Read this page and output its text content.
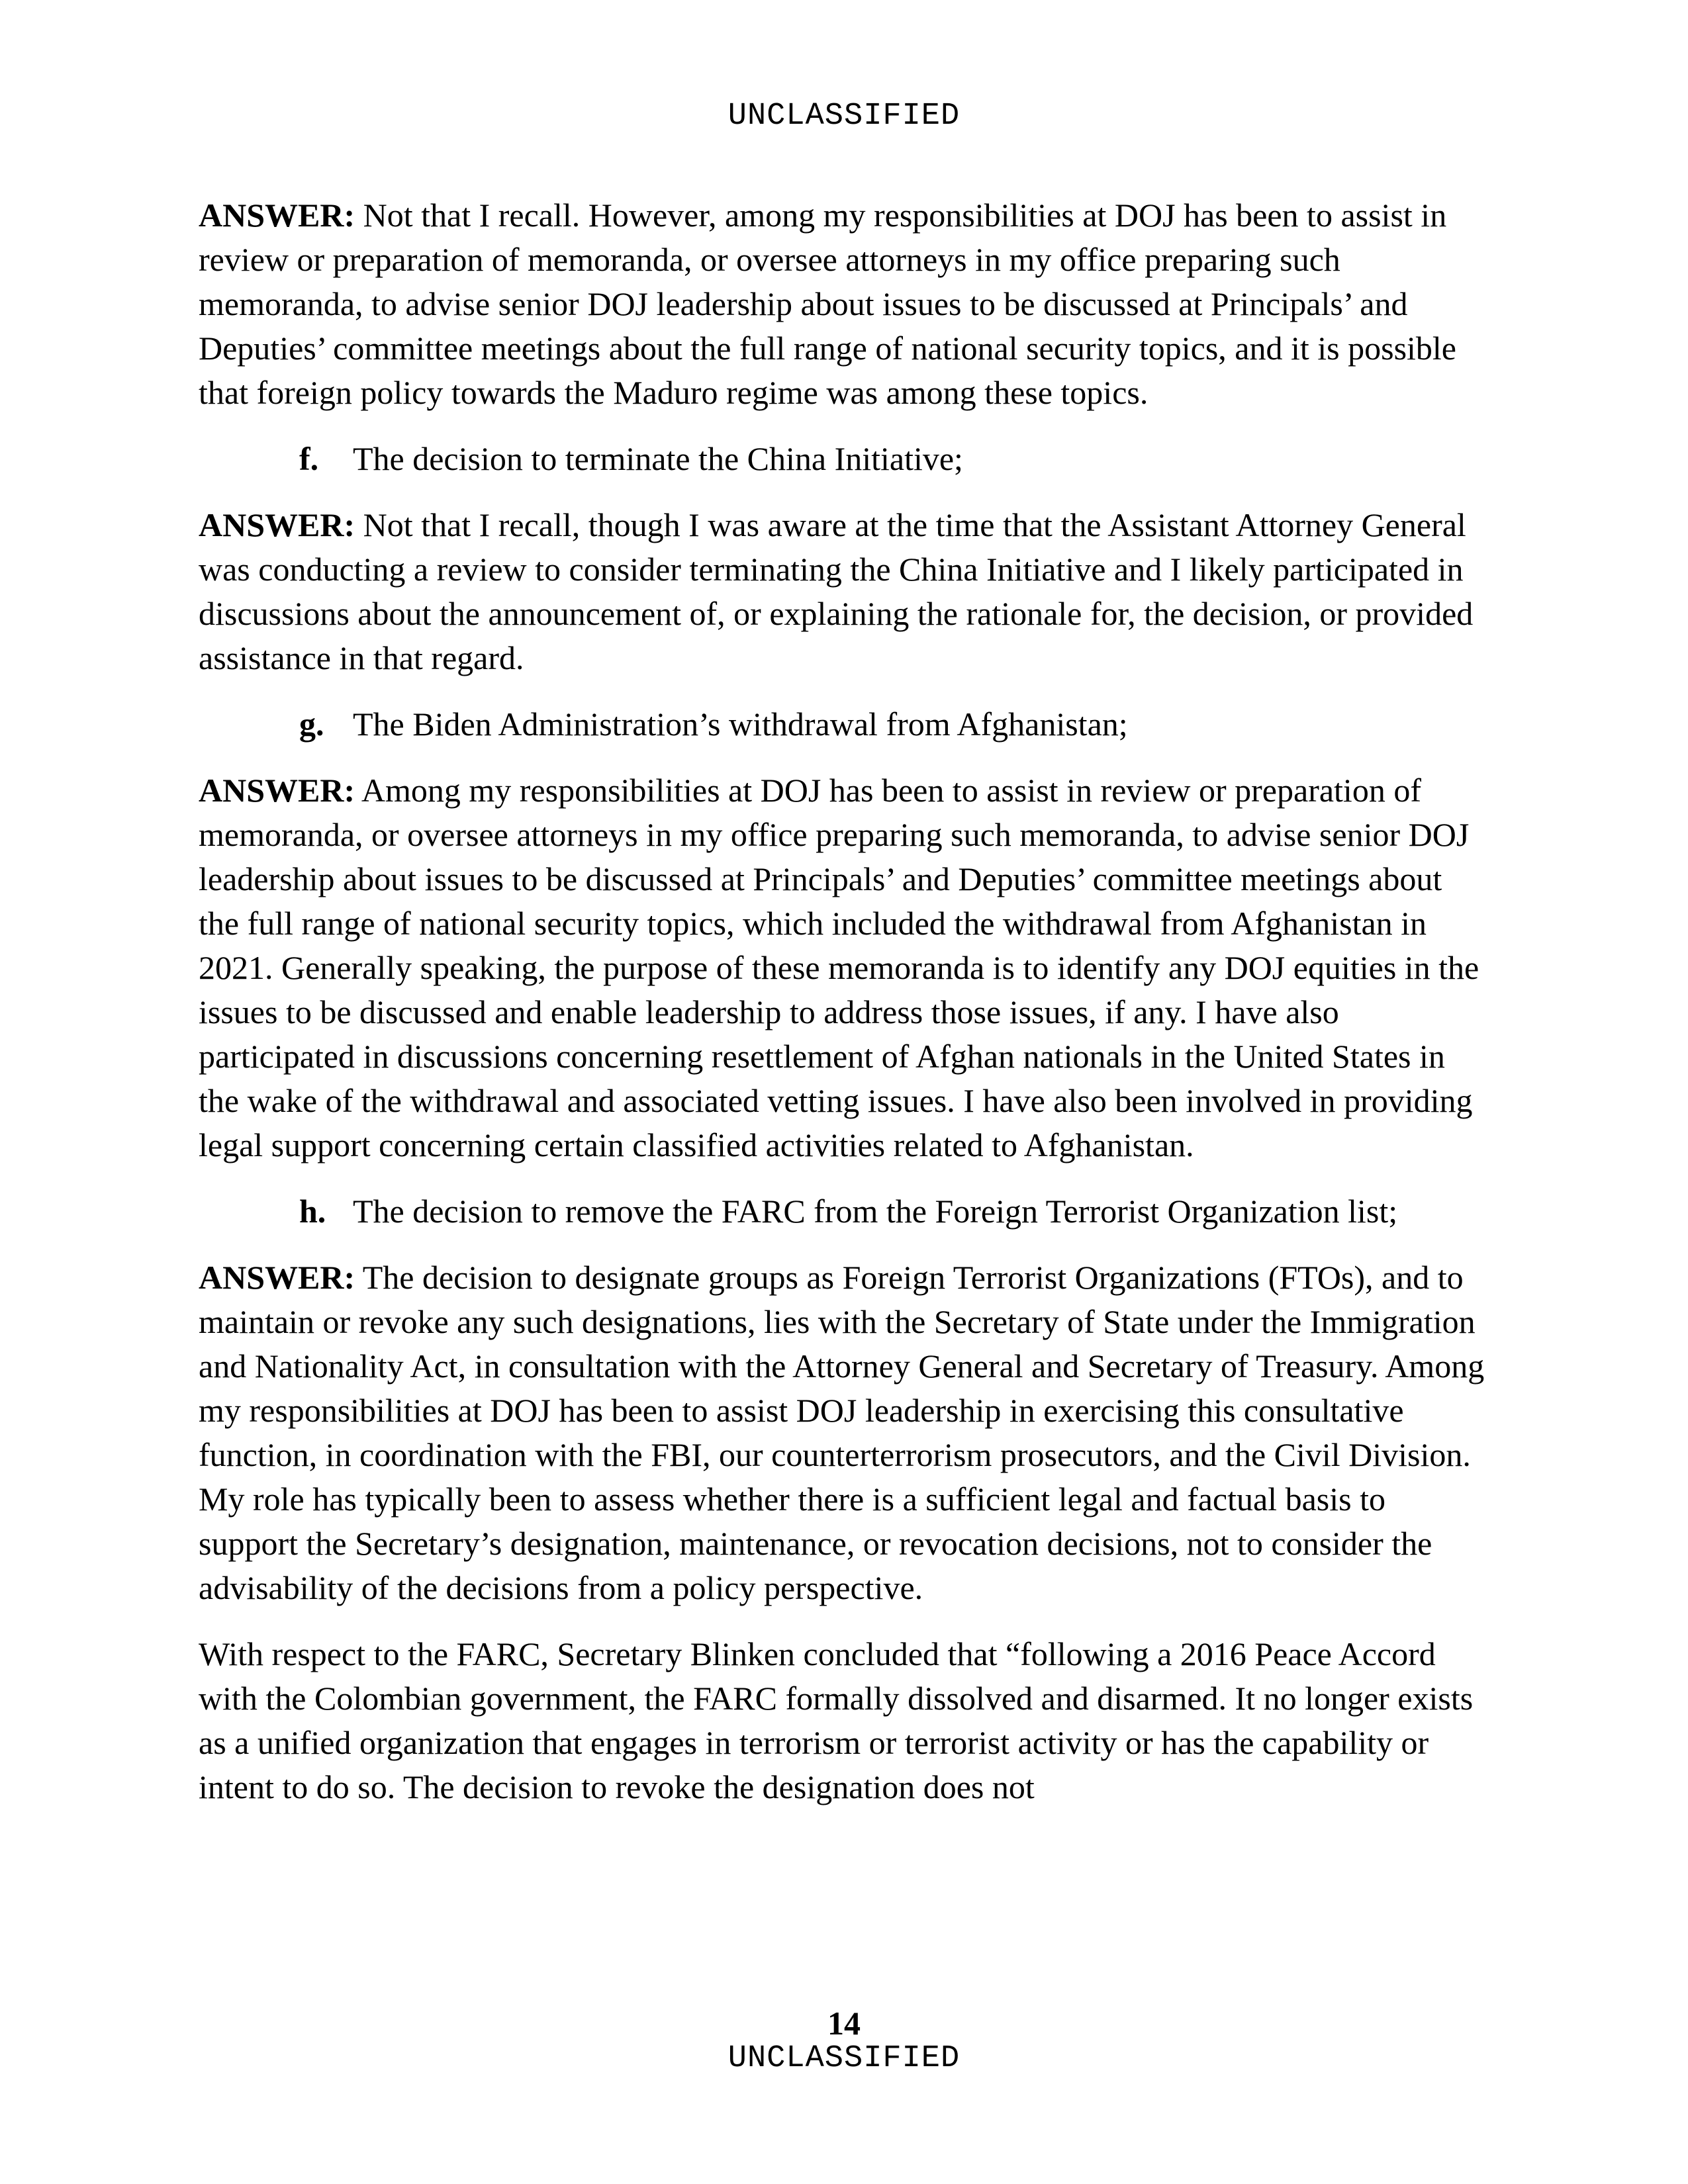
UNCLASSIFIED

ANSWER: Not that I recall. However, among my responsibilities at DOJ has been to assist in review or preparation of memoranda, or oversee attorneys in my office preparing such memoranda, to advise senior DOJ leadership about issues to be discussed at Principals’ and Deputies’ committee meetings about the full range of national security topics, and it is possible that foreign policy towards the Maduro regime was among these topics.

f. The decision to terminate the China Initiative;

ANSWER: Not that I recall, though I was aware at the time that the Assistant Attorney General was conducting a review to consider terminating the China Initiative and I likely participated in discussions about the announcement of, or explaining the rationale for, the decision, or provided assistance in that regard.

g. The Biden Administration’s withdrawal from Afghanistan;

ANSWER: Among my responsibilities at DOJ has been to assist in review or preparation of memoranda, or oversee attorneys in my office preparing such memoranda, to advise senior DOJ leadership about issues to be discussed at Principals’ and Deputies’ committee meetings about the full range of national security topics, which included the withdrawal from Afghanistan in 2021. Generally speaking, the purpose of these memoranda is to identify any DOJ equities in the issues to be discussed and enable leadership to address those issues, if any. I have also participated in discussions concerning resettlement of Afghan nationals in the United States in the wake of the withdrawal and associated vetting issues. I have also been involved in providing legal support concerning certain classified activities related to Afghanistan.

h. The decision to remove the FARC from the Foreign Terrorist Organization list;

ANSWER: The decision to designate groups as Foreign Terrorist Organizations (FTOs), and to maintain or revoke any such designations, lies with the Secretary of State under the Immigration and Nationality Act, in consultation with the Attorney General and Secretary of Treasury. Among my responsibilities at DOJ has been to assist DOJ leadership in exercising this consultative function, in coordination with the FBI, our counterterrorism prosecutors, and the Civil Division. My role has typically been to assess whether there is a sufficient legal and factual basis to support the Secretary’s designation, maintenance, or revocation decisions, not to consider the advisability of the decisions from a policy perspective.

With respect to the FARC, Secretary Blinken concluded that “following a 2016 Peace Accord with the Colombian government, the FARC formally dissolved and disarmed. It no longer exists as a unified organization that engages in terrorism or terrorist activity or has the capability or intent to do so. The decision to revoke the designation does not

14
UNCLASSIFIED
